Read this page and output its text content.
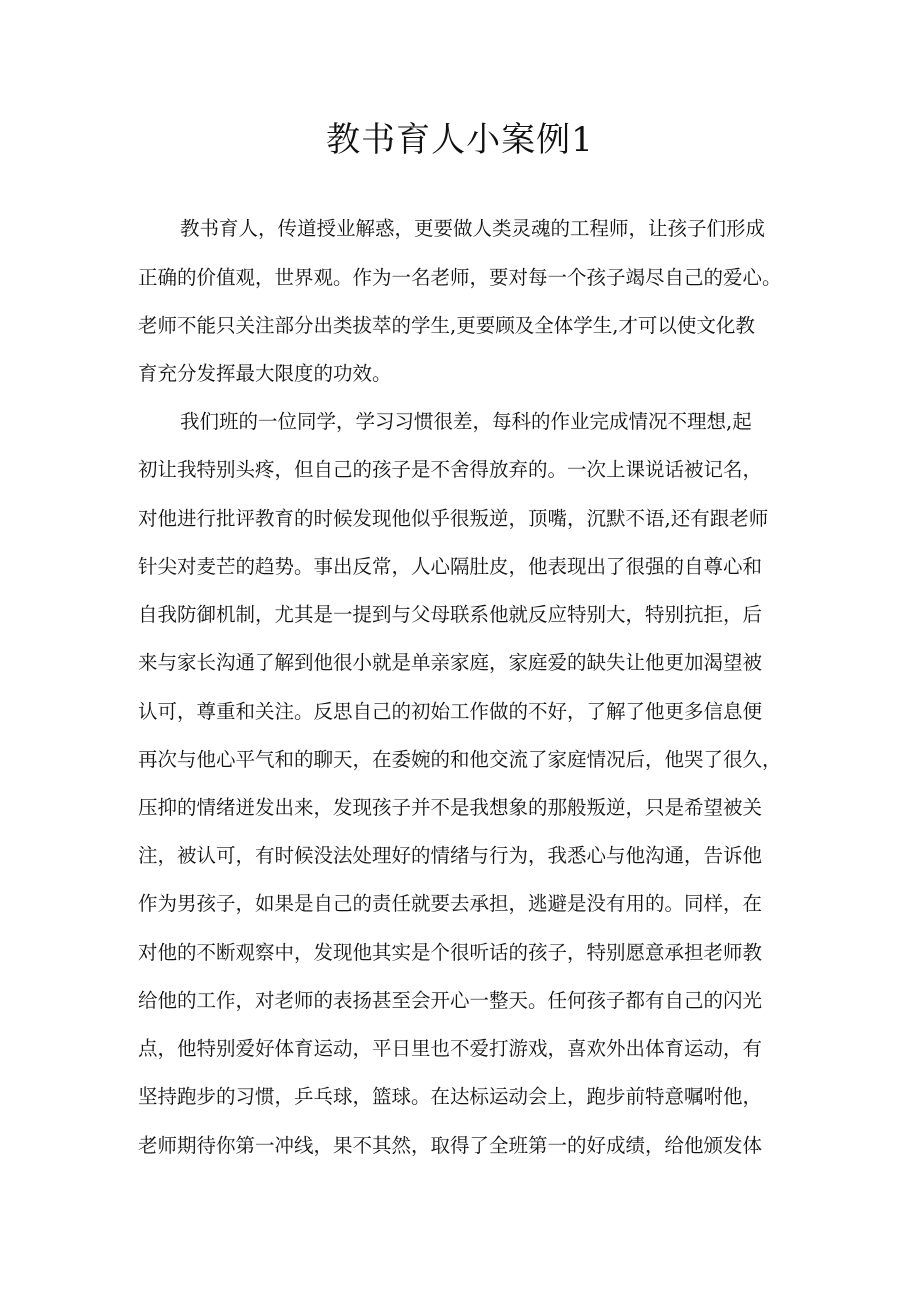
教书育人小案例1

教书育人，传道授业解惑，更要做人类灵魂的工程师，让孩子们形成

正确的价值观，世界观。作为一名老师，要对每一个孩子竭尽自己的爱心。

老师不能只关注部分出类拔萃的学生,更要顾及全体学生,才可以使文化教

育充分发挥最大限度的功效。

我们班的一位同学，学习习惯很差，每科的作业完成情况不理想,起

初让我特别头疼，但自己的孩子是不舍得放弃的。一次上课说话被记名，

对他进行批评教育的时候发现他似乎很叛逆，顶嘴，沉默不语,还有跟老师

针尖对麦芒的趋势。事出反常，人心隔肚皮，他表现出了很强的自尊心和

自我防御机制，尤其是一提到与父母联系他就反应特别大，特别抗拒，后

来与家长沟通了解到他很小就是单亲家庭，家庭爱的缺失让他更加渴望被

认可，尊重和关注。反思自己的初始工作做的不好，了解了他更多信息便

再次与他心平气和的聊天，在委婉的和他交流了家庭情况后，他哭了很久，

压抑的情绪迸发出来，发现孩子并不是我想象的那般叛逆，只是希望被关

注，被认可，有时候没法处理好的情绪与行为，我悉心与他沟通，告诉他

作为男孩子，如果是自己的责任就要去承担，逃避是没有用的。同样，在

对他的不断观察中，发现他其实是个很听话的孩子，特别愿意承担老师教

给他的工作，对老师的表扬甚至会开心一整天。任何孩子都有自己的闪光

点，他特别爱好体育运动，平日里也不爱打游戏，喜欢外出体育运动，有

坚持跑步的习惯，乒乓球，篮球。在达标运动会上，跑步前特意嘱咐他，

老师期待你第一冲线，果不其然，取得了全班第一的好成绩，给他颁发体
